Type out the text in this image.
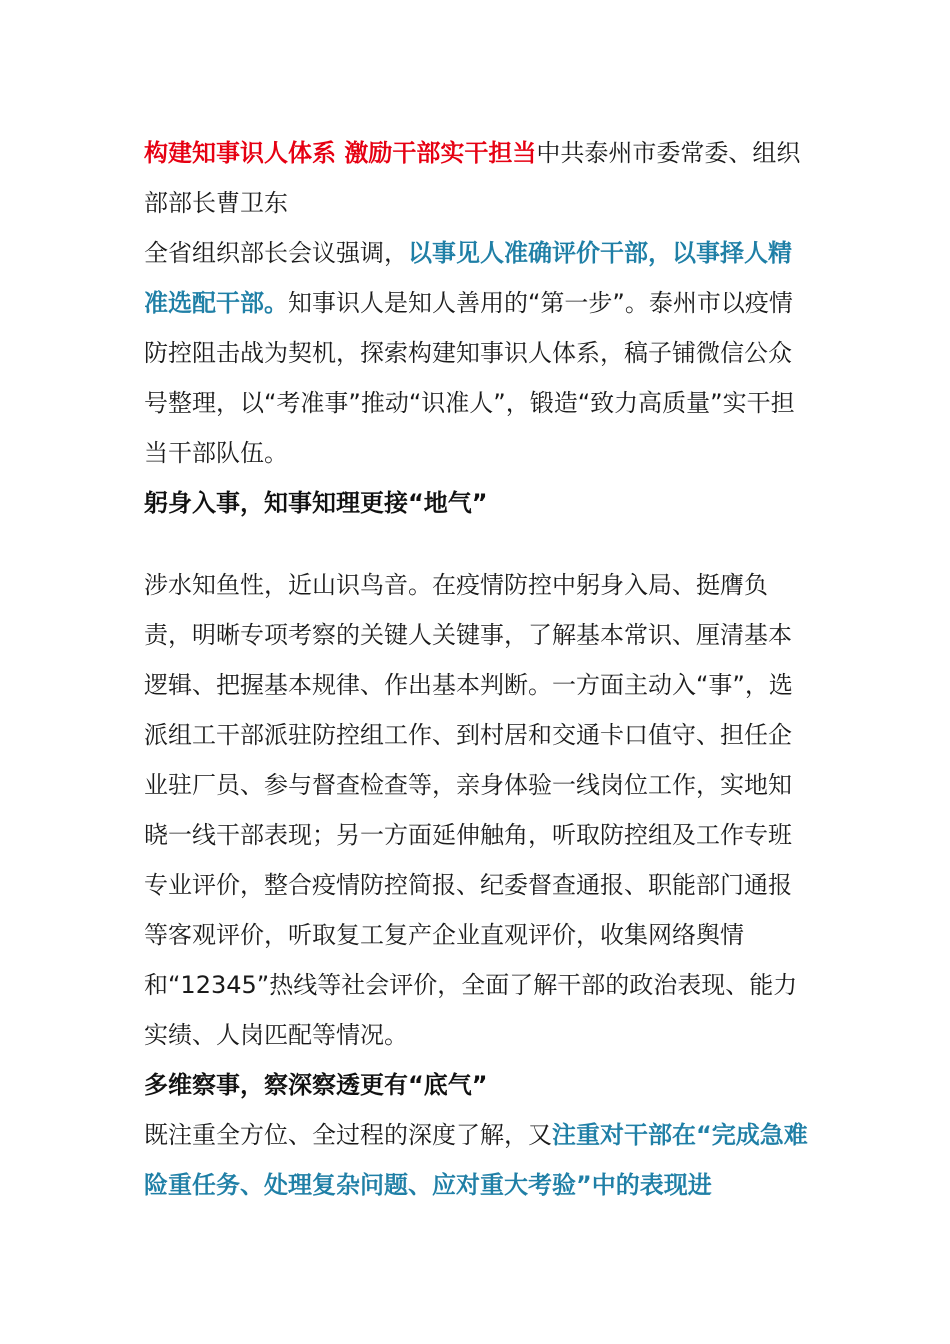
构建知事识人体系 激励干部实干担当中共泰州市委常委、组织部部长曹卫东

全省组织部长会议强调，以事见人准确评价干部，以事择人精准选配干部。知事识人是知人善用的“第一步”。泰州市以疫情防控阻击战为契机，探索构建知事识人体系，稿子铺微信公众号整理，以“考准事”推动“识准人”，锻造“致力高质量”实干担当干部队伍。

躬身入事，知事知理更接“地气”

涉水知鱼性，近山识鸟音。在疫情防控中躬身入局、挺膺负责，明晰专项考察的关键人关键事，了解基本常识、厘清基本逻辑、把握基本规律、作出基本判断。一方面主动入“事”，选派组工干部派驻防控组工作、到村居和交通卡口值守、担任企业驻厂员、参与督查检查等，亲身体验一线岗位工作，实地知晓一线干部表现；另一方面延伸触角，听取防控组及工作专班专业评价，整合疫情防控简报、纪委督查通报、职能部门通报等客观评价，听取复工复产企业直观评价，收集网络舆情和“12345”热线等社会评价，全面了解干部的政治表现、能力实绩、人岗匹配等情况。

多维察事，察深察透更有“底气”

既注重全方位、全过程的深度了解，又注重对干部在“完成急难险重任务、处理复杂问题、应对重大考验”中的表现进
